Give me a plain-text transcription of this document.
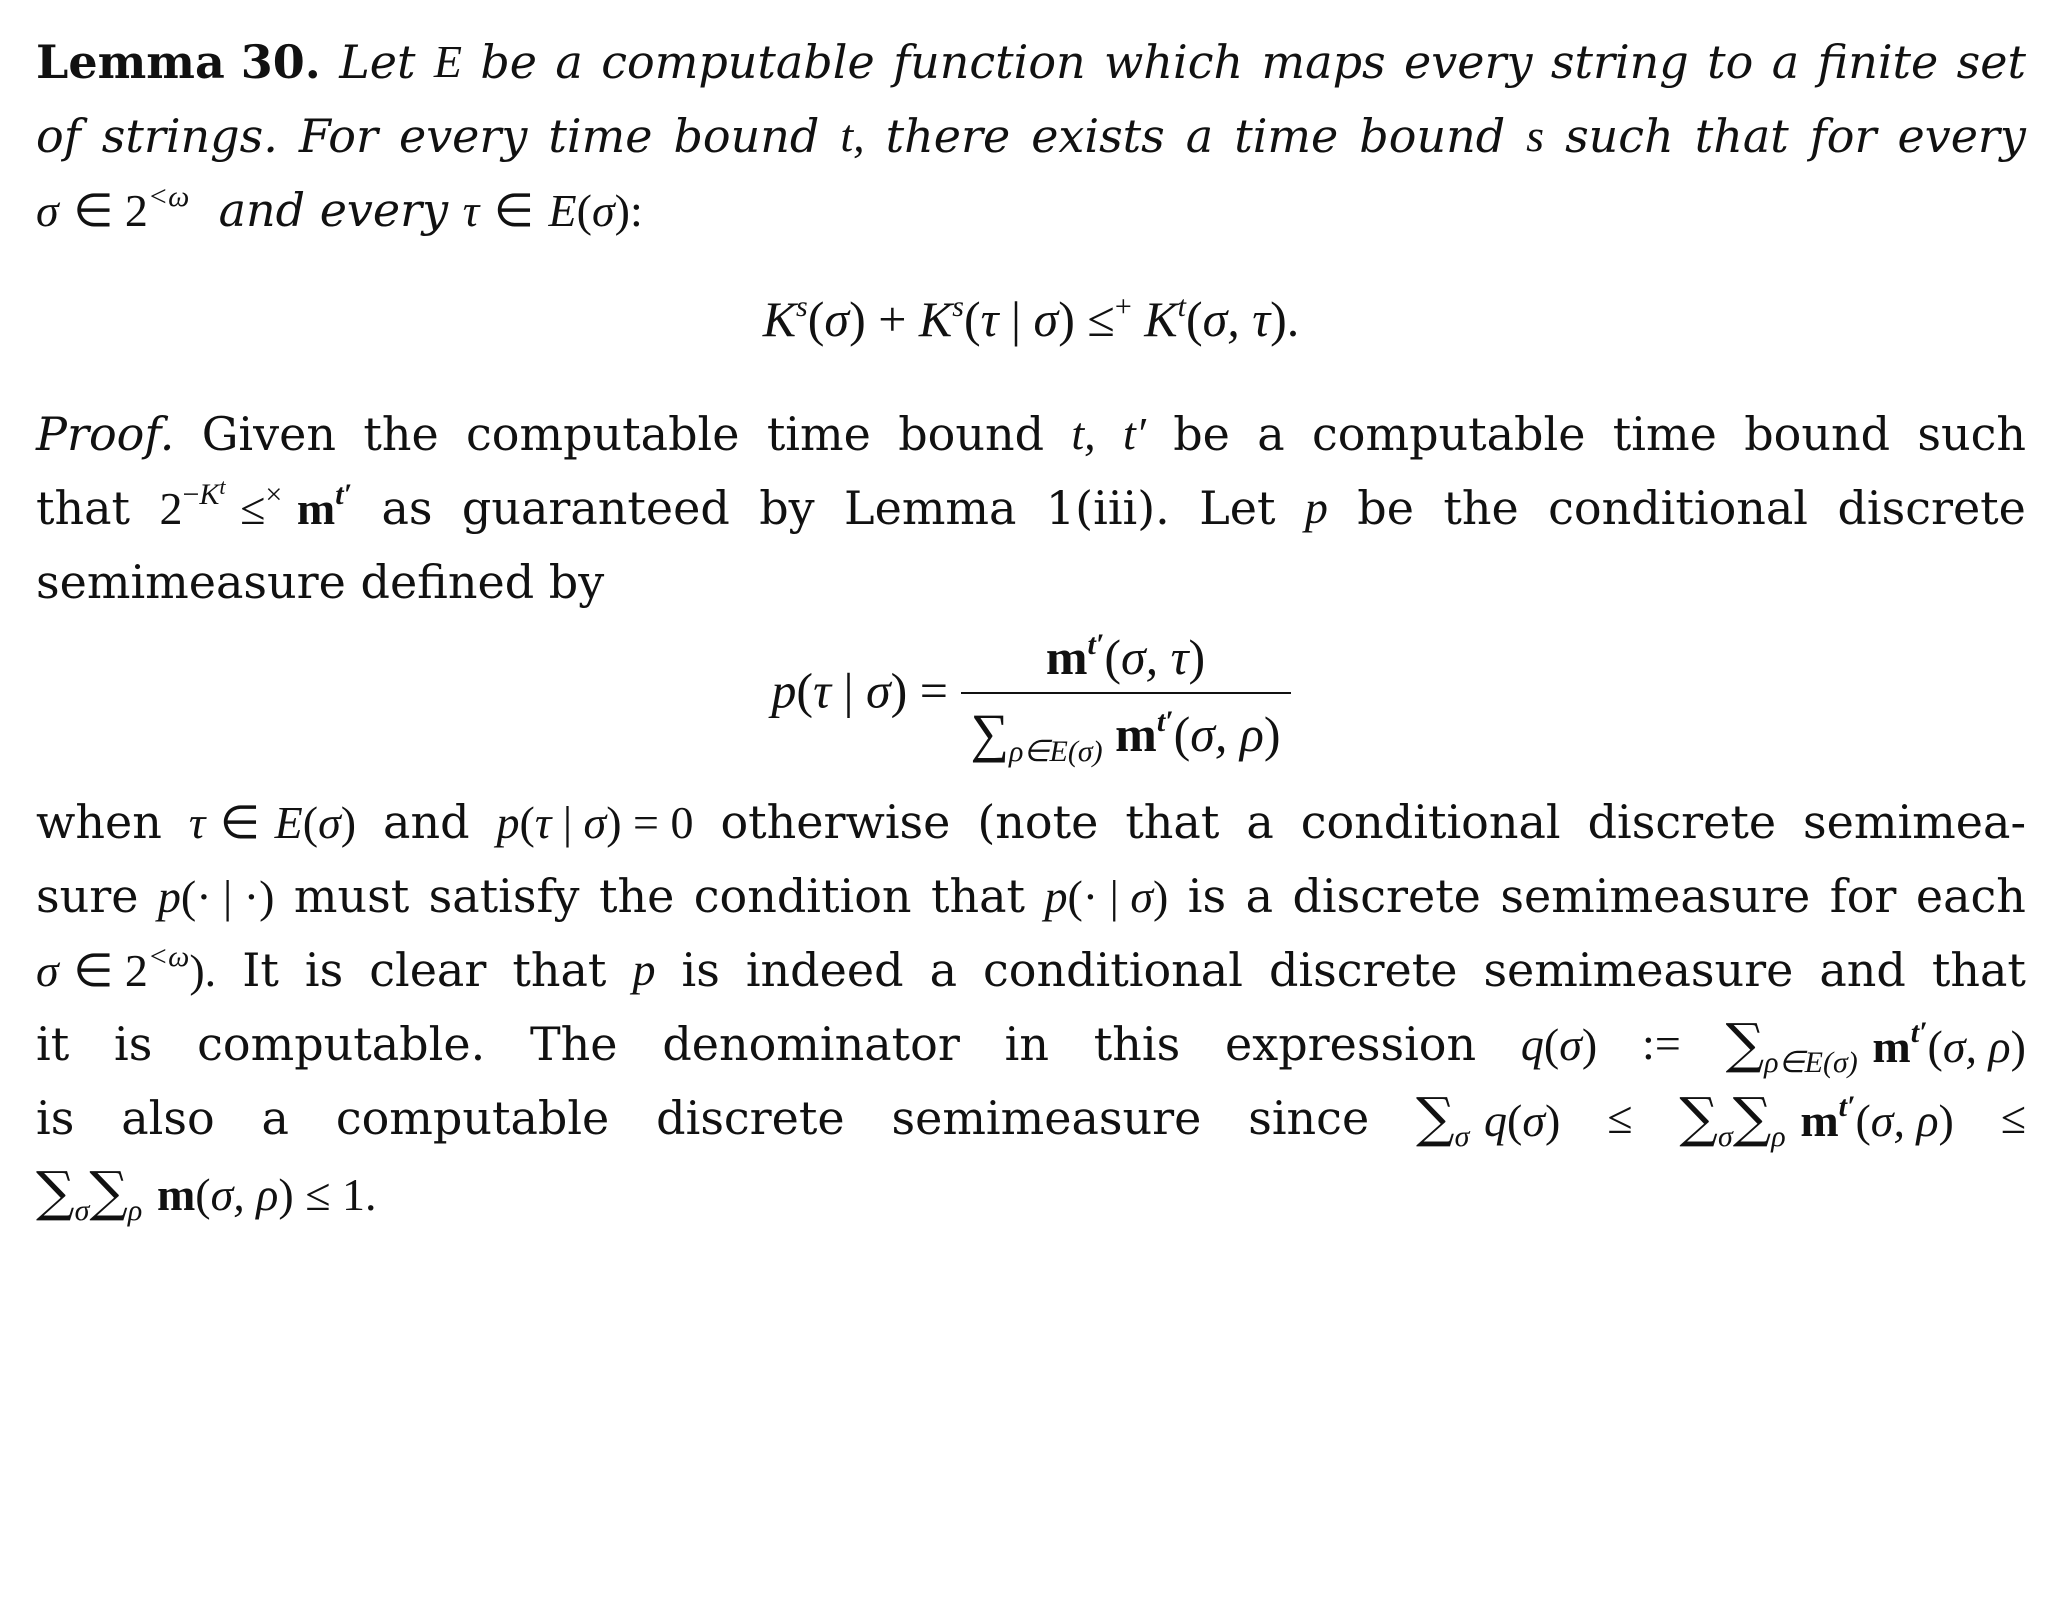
Lemma 30. Let E be a computable function which maps every string to a finite set
of strings. For every time bound t, there exists a time bound s such that for every
σ ∈ $2^{<\omega}$  and every τ ∈ E(σ):
$K^s(\sigma) + K^s(\tau$ | σ) ≤+ $K^t(\sigma$, τ).
Proof. Given the computable time bound t, t′ be a computable time bound such
that $2^{-K^t} \le^\times$ $m^{t'}$ as guaranteed by Lemma 1(iii). Let p be the conditional discrete
semimeasure defined by
p(τ | $\sigma) = \frac{m^{t'}(\sigma, \tau)}{\sum_{\rho\in E(\sigma)} m^{t'}(\sigma, \rho)}$
when τ ∈ E(σ) and p(τ | σ) = 0 otherwise (note that a conditional discrete semimea-
sure p(· | ·) must satisfy the condition that p(· | σ) is a discrete semimeasure for each
σ ∈ $2^{<\omega}$). It is clear that p is indeed a conditional discrete semimeasure and that
it is computable. The denominator in this expression q(σ) := $\sum_{\rho\in E(\sigma)}$ $m^{t'}(\sigma$, ρ)
is also a computable discrete semimeasure since $\sum_\sigma$ $q(\sigma) \le \sum_\sigma\sum_\rho$ $m^{t'}(\sigma$, ρ) ≤
$\sum_\sigma\sum_\rho$ m(σ, ρ) ≤ 1.
